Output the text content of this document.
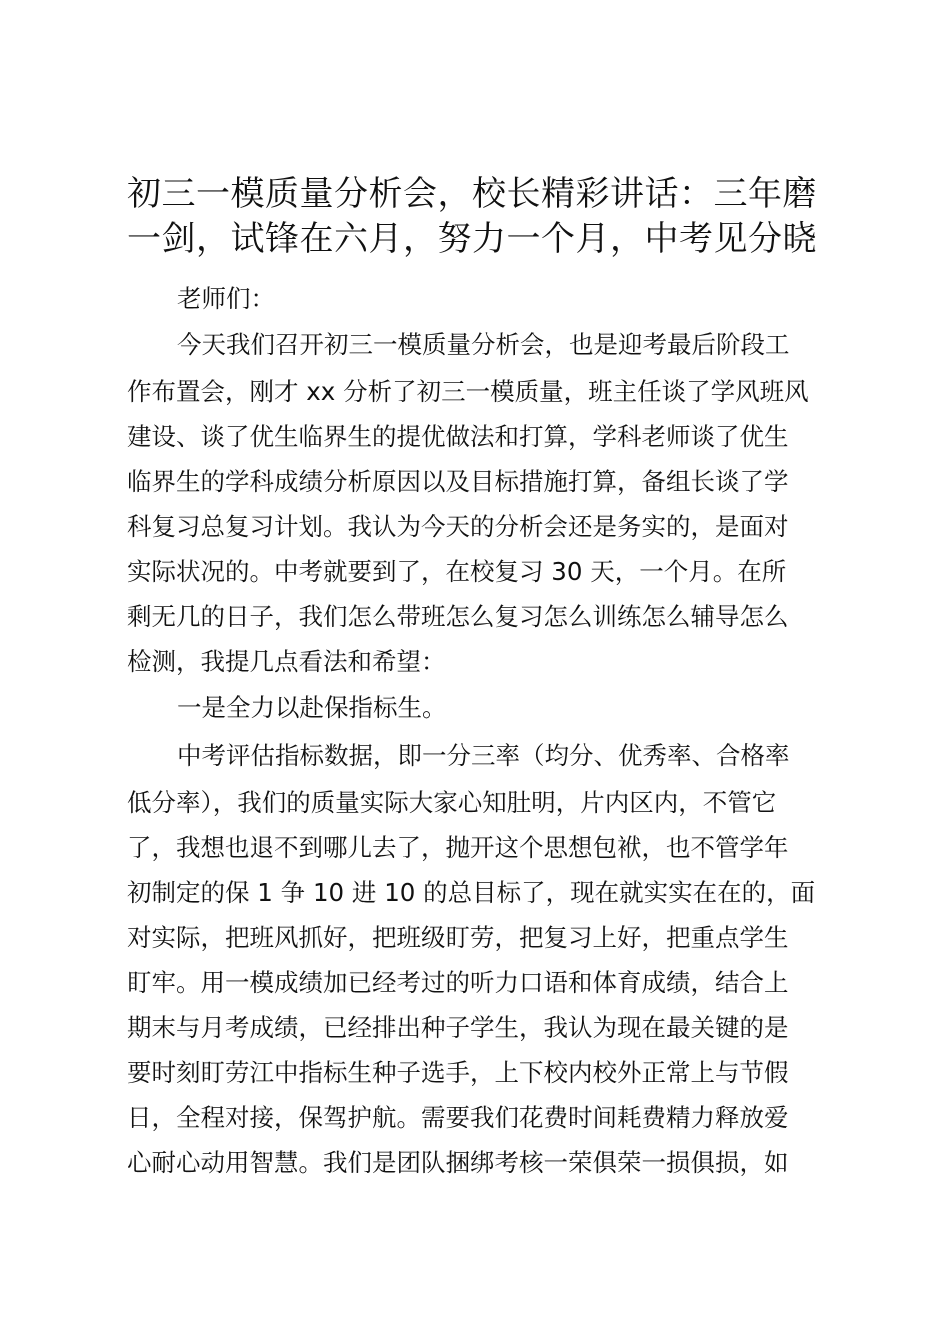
初三一模质量分析会，校长精彩讲话：三年磨
一剑，试锋在六月，努力一个月，中考见分晓
老师们：
今天我们召开初三一模质量分析会，也是迎考最后阶段工
作布置会，刚才 xx 分析了初三一模质量，班主任谈了学风班风
建设、谈了优生临界生的提优做法和打算，学科老师谈了优生
临界生的学科成绩分析原因以及目标措施打算，备组长谈了学
科复习总复习计划。我认为今天的分析会还是务实的，是面对
实际状况的。中考就要到了，在校复习 30 天，一个月。在所
剩无几的日子，我们怎么带班怎么复习怎么训练怎么辅导怎么
检测，我提几点看法和希望：
一是全力以赴保指标生。
中考评估指标数据，即一分三率（均分、优秀率、合格率
低分率），我们的质量实际大家心知肚明，片内区内，不管它
了，我想也退不到哪儿去了，抛开这个思想包袱，也不管学年
初制定的保 1 争 10 进 10 的总目标了，现在就实实在在的，面
对实际，把班风抓好，把班级盯劳，把复习上好，把重点学生
盯牢。用一模成绩加已经考过的听力口语和体育成绩，结合上
期末与月考成绩，已经排出种子学生，我认为现在最关键的是
要时刻盯劳江中指标生种子选手，上下校内校外正常上与节假
日，全程对接，保驾护航。需要我们花费时间耗费精力释放爱
心耐心动用智慧。我们是团队捆绑考核一荣俱荣一损俱损，如
